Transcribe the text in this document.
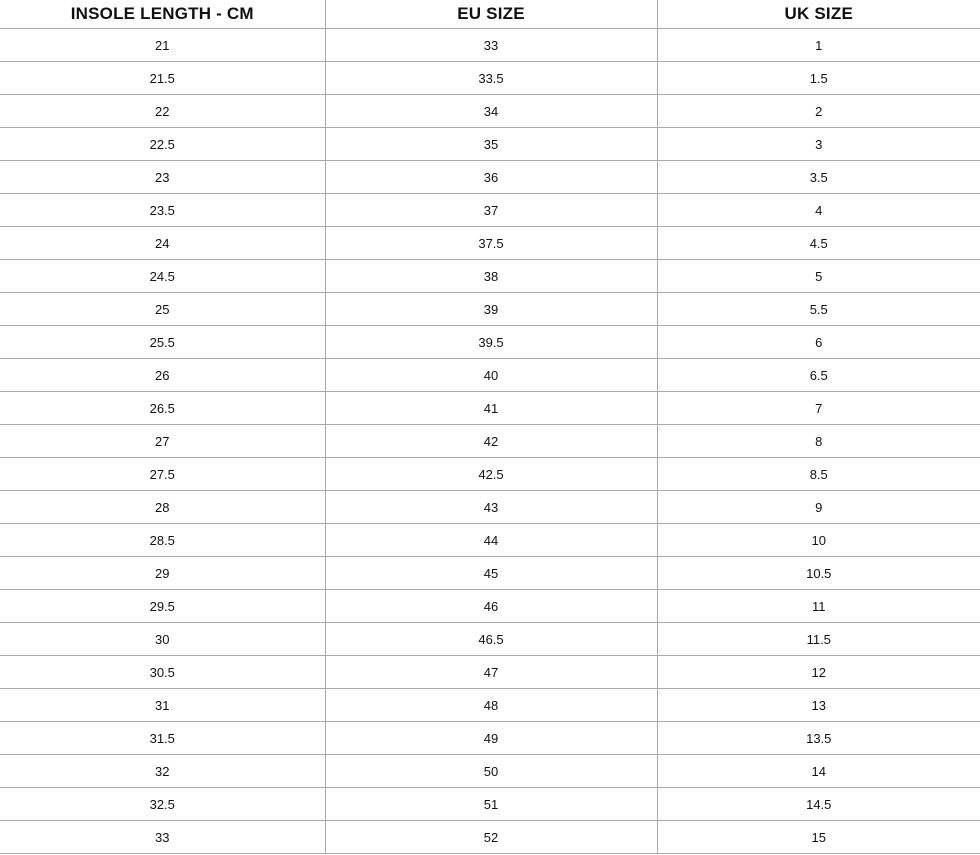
INSOLE LENGTH - CM	EU SIZE	UK SIZE
21	33	1
21.5	33.5	1.5
22	34	2
22.5	35	3
23	36	3.5
23.5	37	4
24	37.5	4.5
24.5	38	5
25	39	5.5
25.5	39.5	6
26	40	6.5
26.5	41	7
27	42	8
27.5	42.5	8.5
28	43	9
28.5	44	10
29	45	10.5
29.5	46	11
30	46.5	11.5
30.5	47	12
31	48	13
31.5	49	13.5
32	50	14
32.5	51	14.5
33	52	15
